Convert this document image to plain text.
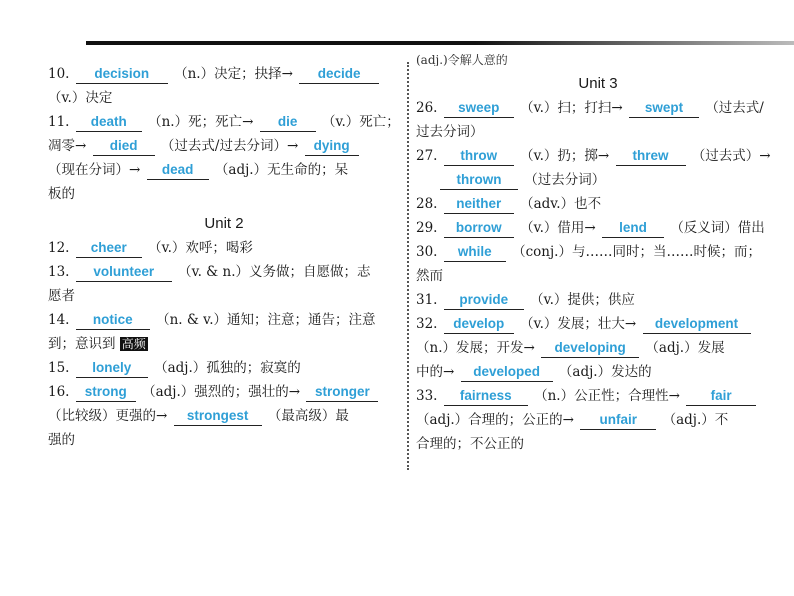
10. decision （n.）决定；抉择→ decide
（v.）决定
11. death （n.）死；死亡→ die （v.）死亡；
凋零→ died （过去式/过去分词）→ dying
（现在分词）→ dead （adj.）无生命的；呆
板的
Unit 2
12. cheer （v.）欢呼；喝彩
13. volunteer （v. & n.）义务做；自愿做；志
愿者
14. notice （n. & v.）通知；注意；通告；注意
到；意识到 高频
15. lonely （adj.）孤独的；寂寞的
16. strong （adj.）强烈的；强壮的→ stronger
（比较级）更强的→ strongest （最高级）最
强的
(adj.)令解人意的
Unit 3
26. sweep （v.）扫；打扫→ swept （过去式/
过去分词）
27. throw （v.）扔；掷→ threw （过去式）→
thrown （过去分词）
28. neither （adv.）也不
29. borrow （v.）借用→ lend （反义词）借出
30. while （conj.）与……同时；当……时候；而；
然而
31. provide （v.）提供；供应
32. develop （v.）发展；壮大→ development
（n.）发展；开发→ developing （adj.）发展
中的→ developed （adj.）发达的
33. fairness （n.）公正性；合理性→ fair
（adj.）合理的；公正的→ unfair （adj.）不
合理的；不公正的
